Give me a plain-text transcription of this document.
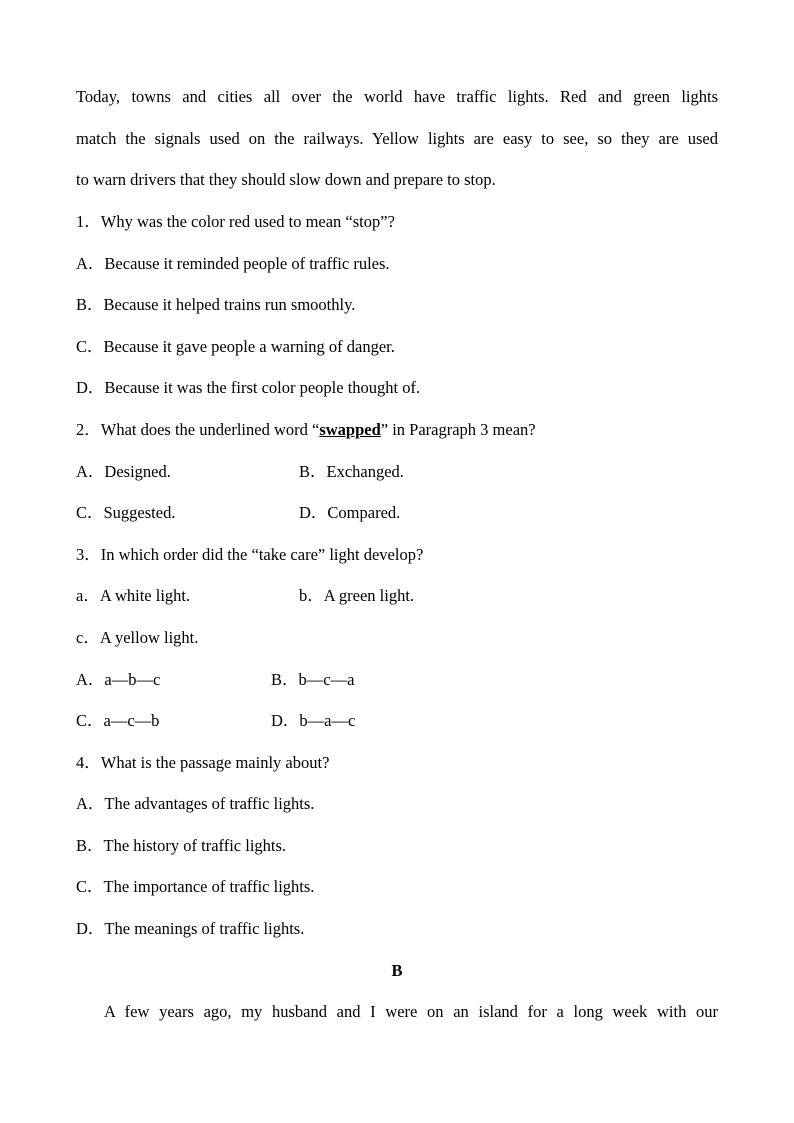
Today, towns and cities all over the world have traffic lights. Red and green lights
match the signals used on the railways. Yellow lights are easy to see, so they are used
to warn drivers that they should slow down and prepare to stop.
1．Why was the color red used to mean “stop”?
A．Because it reminded people of traffic rules.
B．Because it helped trains run smoothly.
C．Because it gave people a warning of danger.
D．Because it was the first color people thought of.
2．What does the underlined word “swapped” in Paragraph 3 mean?
A．Designed.	B．Exchanged.
C．Suggested.	D．Compared.
3．In which order did the “take care” light develop?
a．A white light.	b．A green light.
c．A yellow light.
A．a—b—c	B．b—c—a
C．a—c—b	D．b—a—c
4．What is the passage mainly about?
A．The advantages of traffic lights.
B．The history of traffic lights.
C．The importance of traffic lights.
D．The meanings of traffic lights.
B
A few years ago, my husband and I were on an island for a long week with our
